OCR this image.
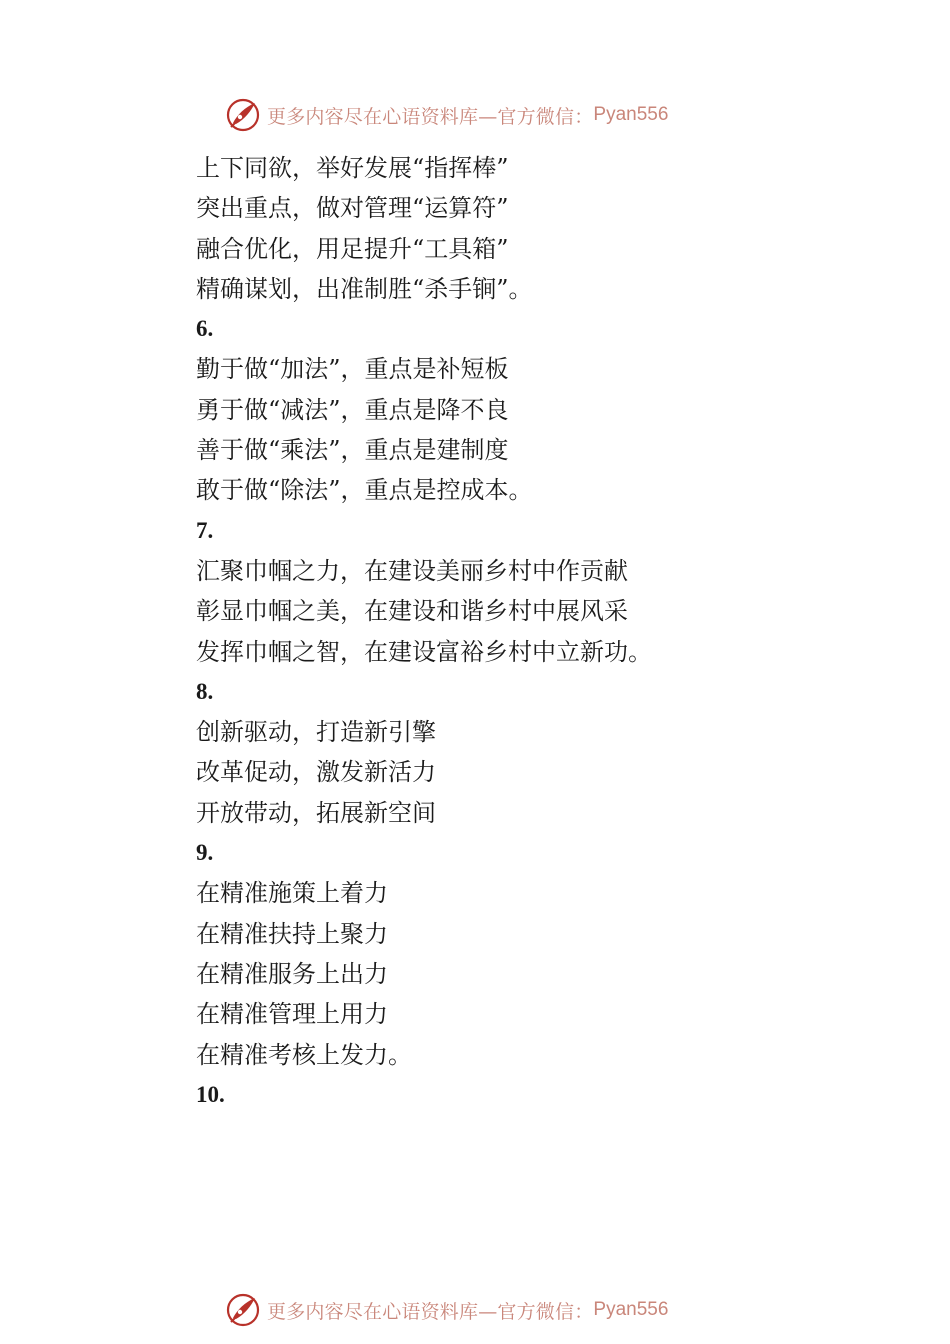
更多内容尽在心语资料库—官方微信： Pyan556
上下同欲，举好发展“指挥棒”
突出重点，做对管理“运算符”
融合优化，用足提升“工具箱”
精确谋划，出准制胜“杀手锏”。
6.
勤于做“加法”，重点是补短板
勇于做“减法”，重点是降不良
善于做“乘法”，重点是建制度
敢于做“除法”，重点是控成本。
7.
汇聚巾帼之力，在建设美丽乡村中作贡献
彰显巾帼之美，在建设和谐乡村中展风采
发挥巾帼之智，在建设富裕乡村中立新功。
8.
创新驱动，打造新引擎
改革促动，激发新活力
开放带动，拓展新空间
9.
在精准施策上着力
在精准扶持上聚力
在精准服务上出力
在精准管理上用力
在精准考核上发力。
10.
更多内容尽在心语资料库—官方微信： Pyan556
